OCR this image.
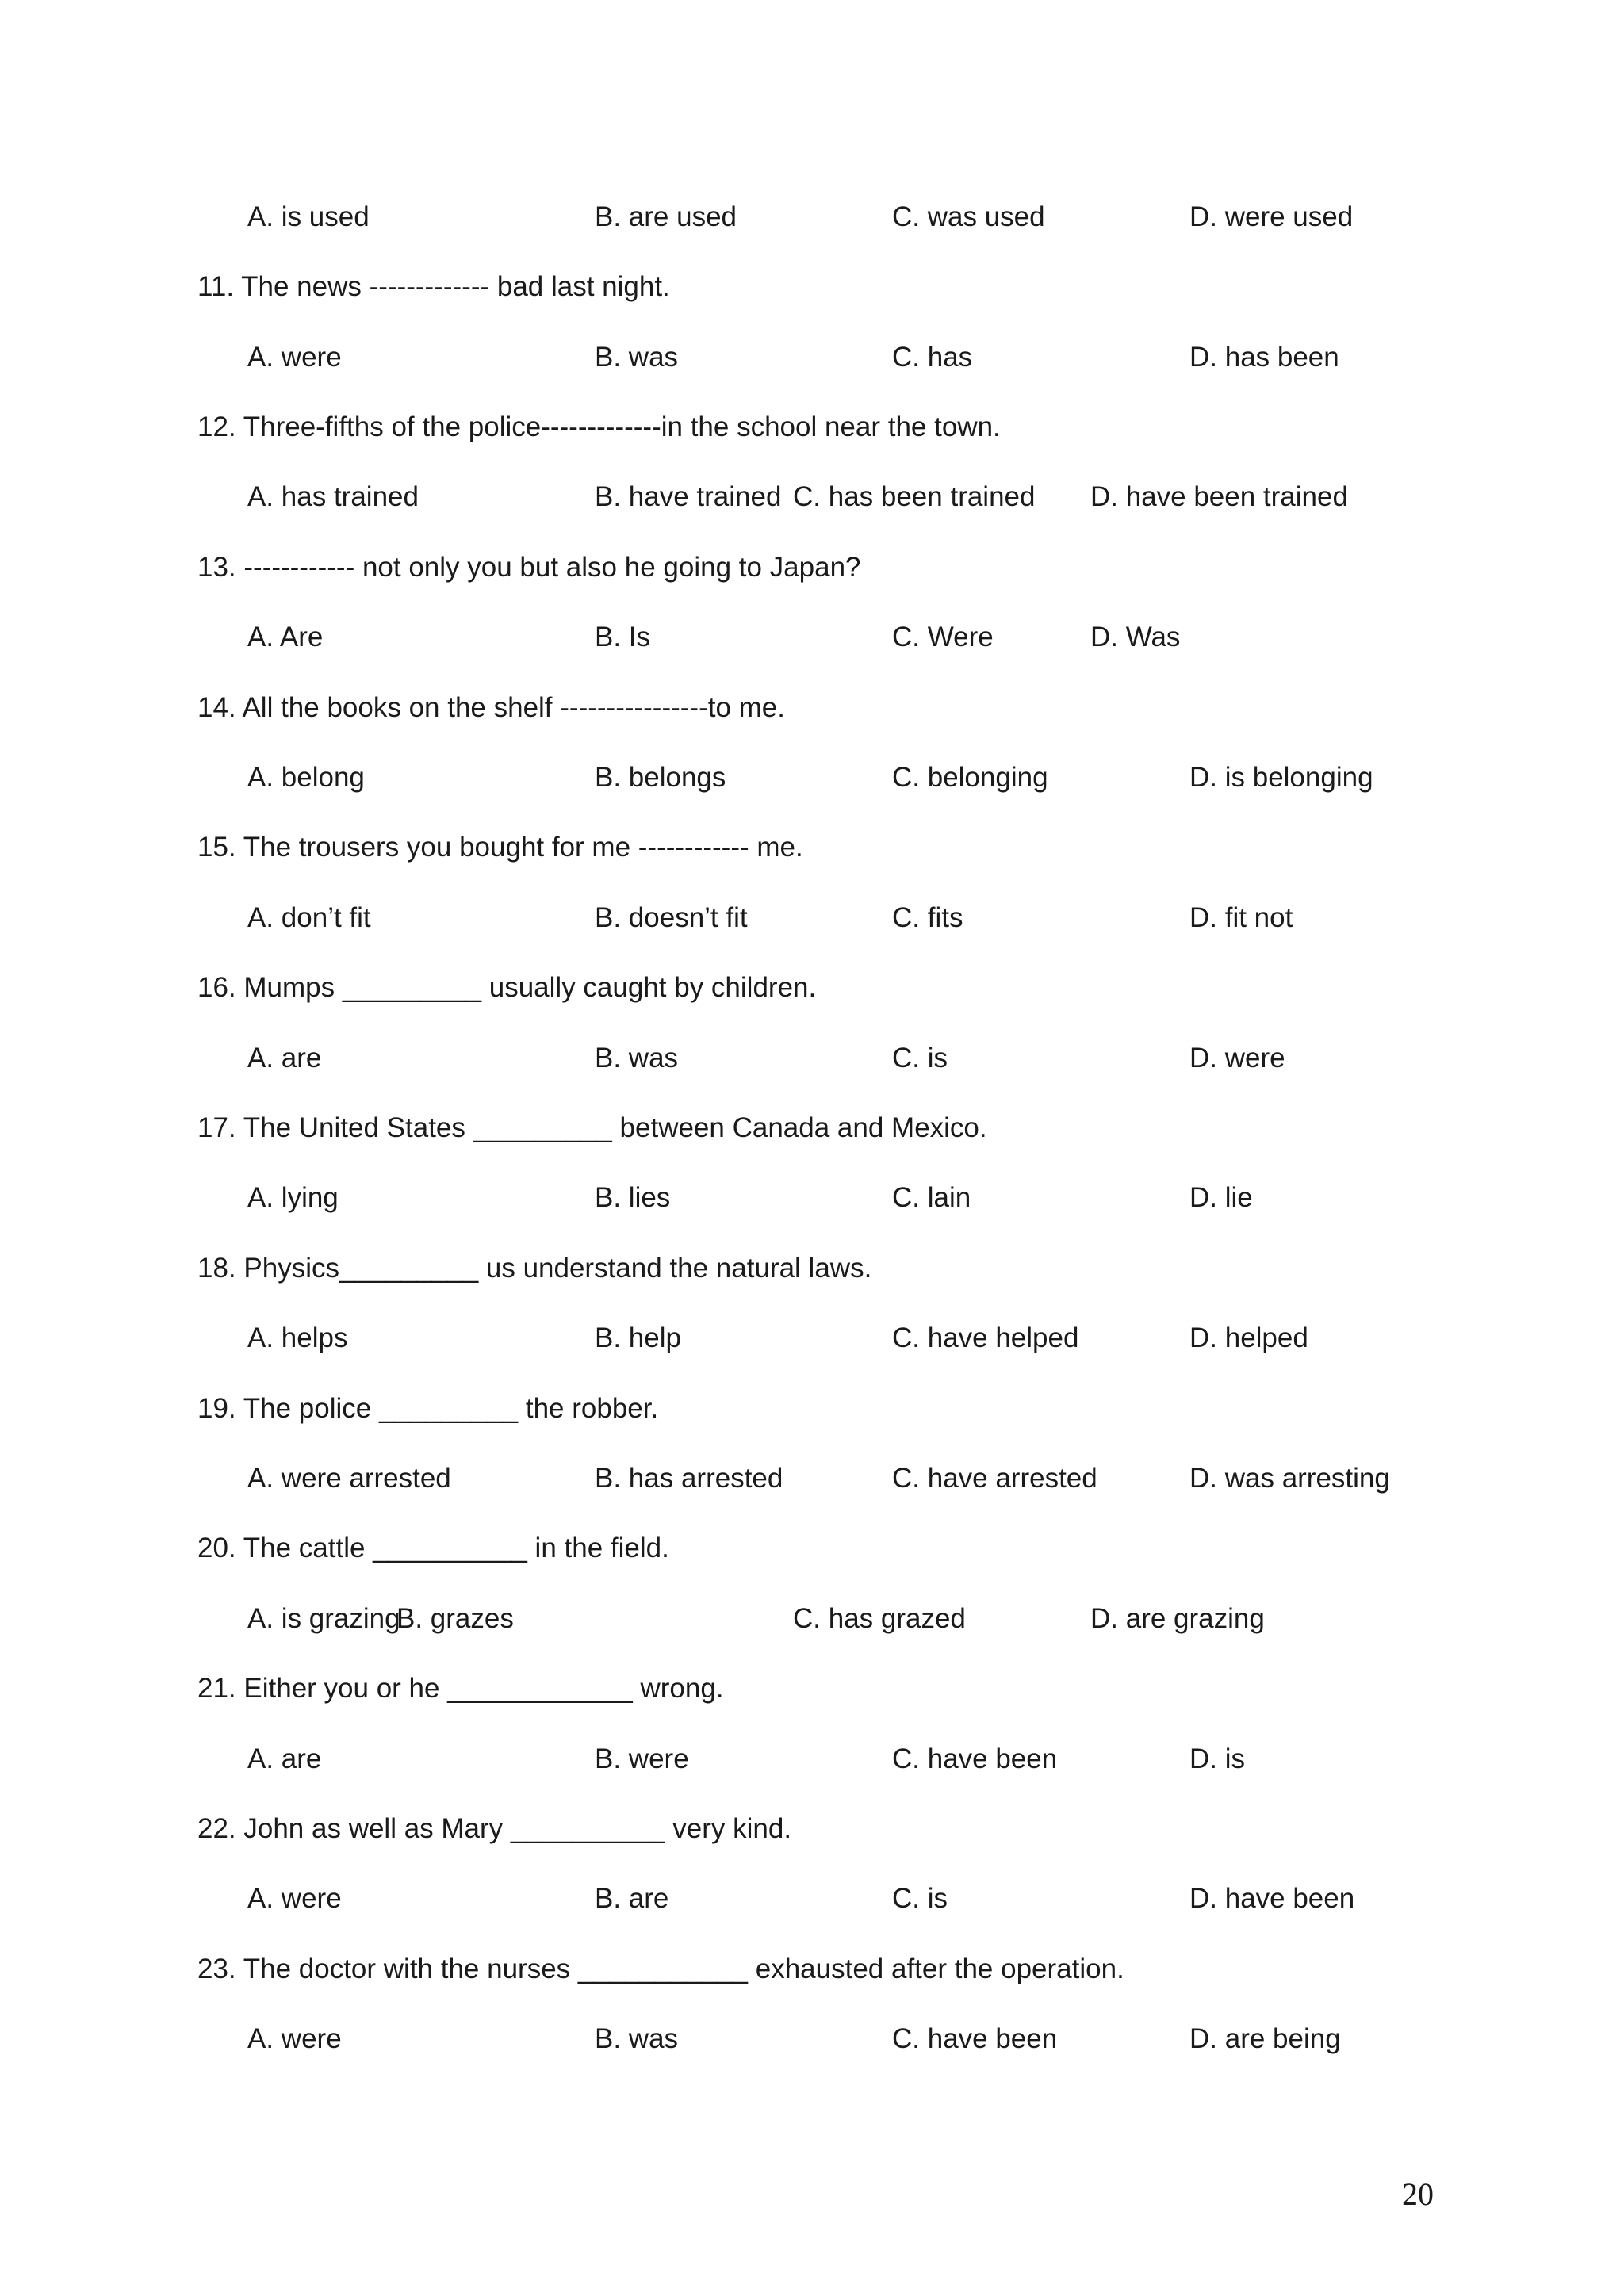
A. is used	B. are used	C. was used	D. were used
11. The news ------------- bad last night.
A. were	B. was	C. has	D. has been
12. Three-fifths of the police-------------in the school near the town.
A. has trained	B. have trained C. has been trained D. have been trained
13. ------------ not only you but also he going to Japan?
A. Are	B. Is	C. Were	D. Was
14. All the books on the shelf ----------------to me.
A. belong	B. belongs	C. belonging	D. is belonging
15. The trousers you bought for me ------------ me.
A. don’t fit	B. doesn’t fit	C. fits	D. fit not
16. Mumps _________ usually caught by children.
A. are	B. was	C. is	D. were
17. The United States _________ between Canada and Mexico.
A. lying	B. lies	C. lain	D. lie
18. Physics_________ us understand the natural laws.
A. helps	B. help	C. have helped	D. helped
19. The police _________ the robber.
A. were arrested	B. has arrested	C. have arrested	D. was arresting
20. The cattle __________ in the field.
A. is grazing
B. grazes	C. has grazed	D. are grazing
21. Either you or he ____________ wrong.
A. are	B. were	C. have been	D. is
22. John as well as Mary __________ very kind.
A. were	B. are	C. is	D. have been
23. The doctor with the nurses ___________ exhausted after the operation.
A. were	B. was	C. have been	D. are being
20
